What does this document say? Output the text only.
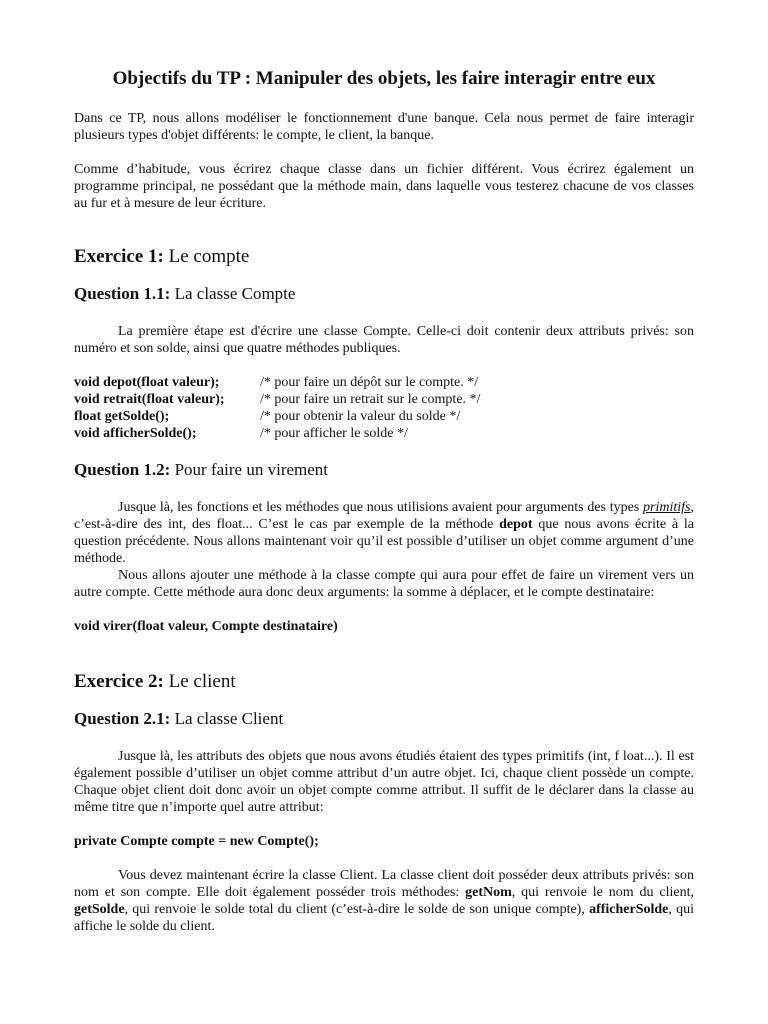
Objectifs du TP : Manipuler des objets, les faire interagir entre eux

Dans ce TP, nous allons modéliser le fonctionnement d'une banque. Cela nous permet de faire interagir plusieurs types d'objet différents: le compte, le client, la banque.

Comme d’habitude, vous écrirez chaque classe dans un fichier différent. Vous écrirez également un programme principal, ne possédant que la méthode main, dans laquelle vous testerez chacune de vos classes au fur et à mesure de leur écriture.

Exercice 1: Le compte
Question 1.1: La classe Compte

La première étape est d'écrire une classe Compte. Celle-ci doit contenir deux attributs privés: son numéro et son solde, ainsi que quatre méthodes publiques.

void depot(float valeur);	/* pour faire un dépôt sur le compte. */
void retrait(float valeur);	/* pour faire un retrait sur le compte. */
float getSolde();	/* pour obtenir la valeur du solde */
void afficherSolde();	/* pour afficher le solde */
Question 1.2: Pour faire un virement

Jusque là, les fonctions et les méthodes que nous utilisions avaient pour arguments des types primitifs, c’est-à-dire des int, des float... C’est le cas par exemple de la méthode depot que nous avons écrite à la question précédente. Nous allons maintenant voir qu’il est possible d’utiliser un objet comme argument d’une méthode.

Nous allons ajouter une méthode à la classe compte qui aura pour effet de faire un virement vers un autre compte. Cette méthode aura donc deux arguments: la somme à déplacer, et le compte destinataire:

void virer(float valeur, Compte destinataire)

Exercice 2: Le client
Question 2.1: La classe Client

Jusque là, les attributs des objets que nous avons étudiés étaient des types primitifs (int, f loat...). Il est également possible d’utiliser un objet comme attribut d’un autre objet. Ici, chaque client possède un compte. Chaque objet client doit donc avoir un objet compte comme attribut. Il suffit de le déclarer dans la classe au même titre que n’importe quel autre attribut:

private Compte compte = new Compte();

Vous devez maintenant écrire la classe Client. La classe client doit posséder deux attributs privés: son nom et son compte. Elle doit également posséder trois méthodes: getNom, qui renvoie le nom du client, getSolde, qui renvoie le solde total du client (c’est-à-dire le solde de son unique compte), afficherSolde, qui affiche le solde du client.
